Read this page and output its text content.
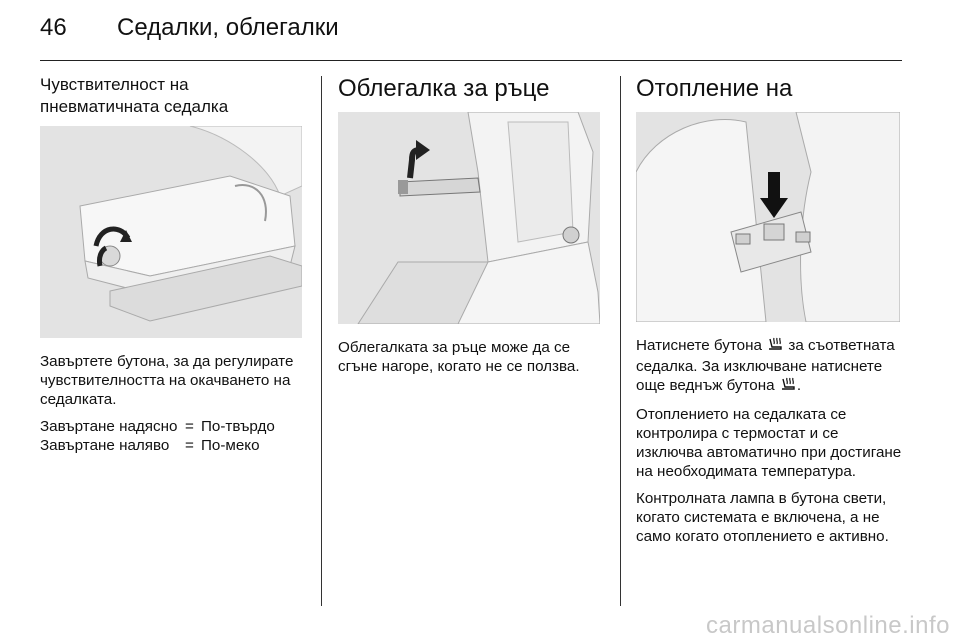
46 Седалки, облегалки
Чувствителност на
пневматичната седалка

Завъртете бутона, за да регулирате чувствителността на окачването на седалката.

Завъртане надясно = По-твърдо
Завъртане наляво	= По-меко
Облегалка за ръце

Облегалката за ръце може да се сгъне нагоре, когато не се ползва.

Отопление на

Натиснете бутона за съответната седалка. За изключване натиснете още веднъж бутона .

Отоплението на седалката се контролира с термостат и се изключва автоматично при достигане на необходимата температура.

Контролната лампа в бутона свети, когато системата е включена, а не само когато отоплението е активно.

carmanualsonline.info
